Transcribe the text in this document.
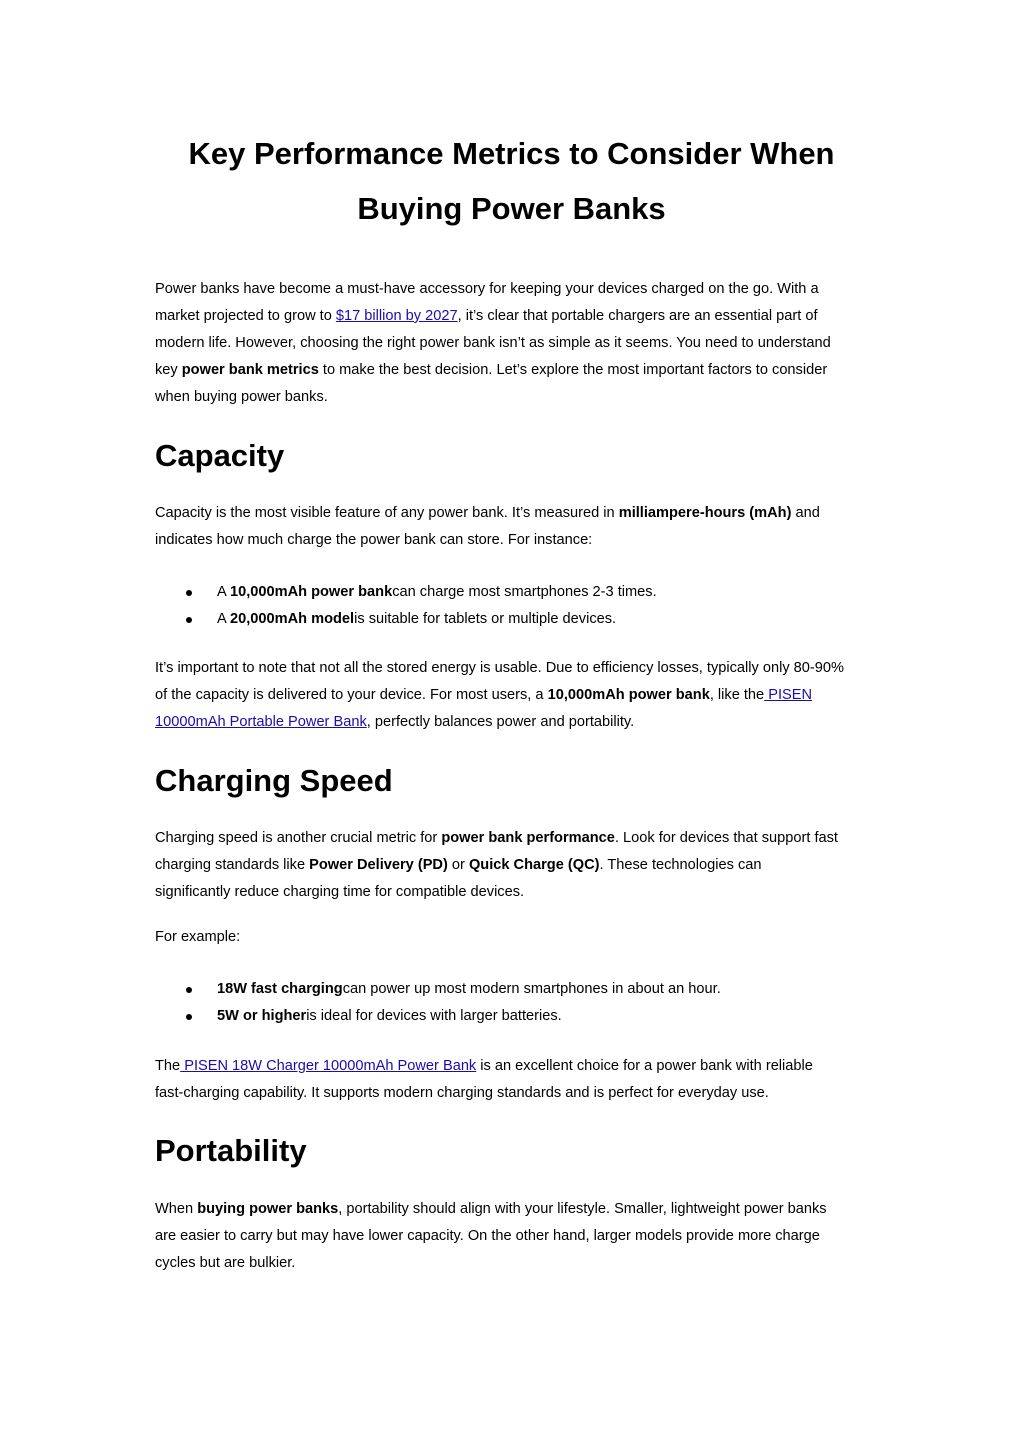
Key Performance Metrics to Consider When
Buying Power Banks

Power banks have become a must-have accessory for keeping your devices charged on the go. With a
market projected to grow to $17 billion by 2027, it’s clear that portable chargers are an essential part of
modern life. However, choosing the right power bank isn’t as simple as it seems. You need to understand
key power bank metrics to make the best decision. Let’s explore the most important factors to consider
when buying power banks.

Capacity

Capacity is the most visible feature of any power bank. It’s measured in milliampere-hours (mAh) and
indicates how much charge the power bank can store. For instance:

A 10,000mAh power bankcan charge most smartphones 2-3 times.
A 20,000mAh modelis suitable for tablets or multiple devices.

It’s important to note that not all the stored energy is usable. Due to efficiency losses, typically only 80-90%
of the capacity is delivered to your device. For most users, a 10,000mAh power bank, like the PISEN
10000mAh Portable Power Bank, perfectly balances power and portability.

Charging Speed

Charging speed is another crucial metric for power bank performance. Look for devices that support fast
charging standards like Power Delivery (PD) or Quick Charge (QC). These technologies can
significantly reduce charging time for compatible devices.

For example:

18W fast chargingcan power up most modern smartphones in about an hour.
5W or higheris ideal for devices with larger batteries.

The PISEN 18W Charger 10000mAh Power Bank is an excellent choice for a power bank with reliable
fast-charging capability. It supports modern charging standards and is perfect for everyday use.

Portability

When buying power banks, portability should align with your lifestyle. Smaller, lightweight power banks
are easier to carry but may have lower capacity. On the other hand, larger models provide more charge
cycles but are bulkier.
